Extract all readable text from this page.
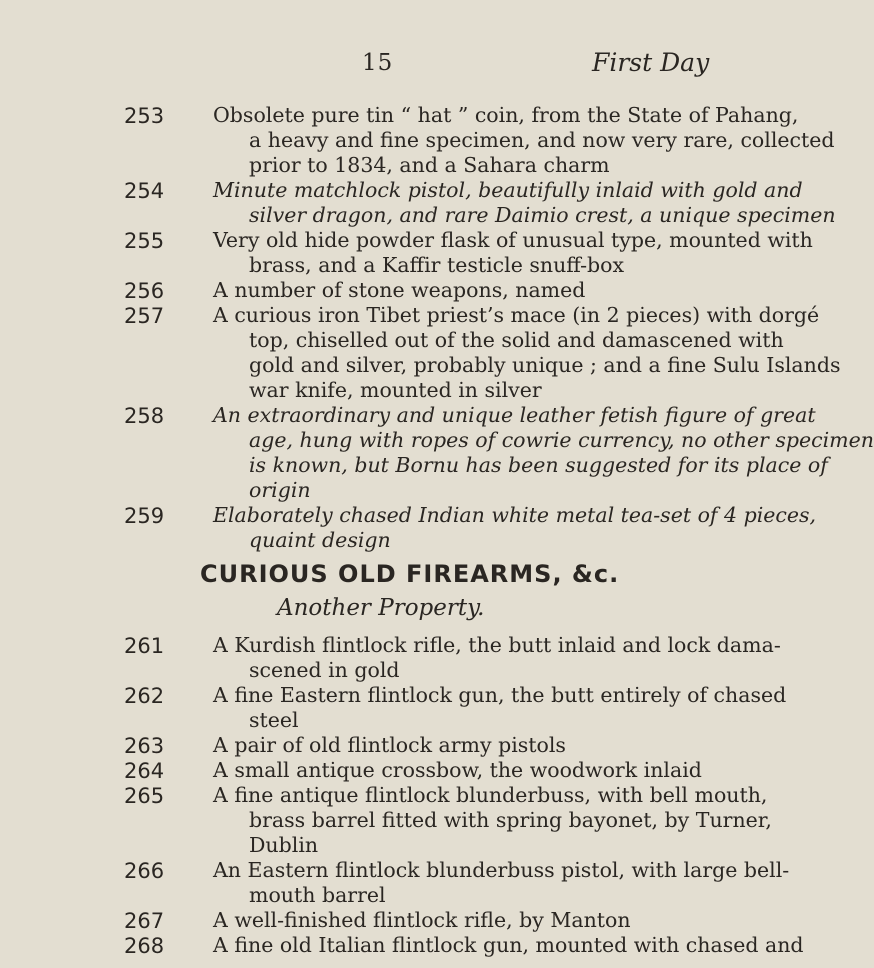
15	First Day
253	Obsolete pure tin “ hat ” coin, from the State of Pahang,
a heavy and fine specimen, and now very rare, collected
prior to 1834, and a Sahara charm
254	Minute matchlock pistol, beautifully inlaid with gold and
silver dragon, and rare Daimio crest, a unique specimen
255	Very old hide powder flask of unusual type, mounted with
brass, and a Kaffir testicle snuff-box
256	A number of stone weapons, named
257	A curious iron Tibet priest’s mace (in 2 pieces) with dorgé
top, chiselled out of the solid and damascened with
gold and silver, probably unique ; and a fine Sulu Islands
war knife, mounted in silver
258	An extraordinary and unique leather fetish figure of great
age, hung with ropes of cowrie currency, no other specimen
is known, but Bornu has been suggested for its place of
origin
259	Elaborately chased Indian white metal tea-set of 4 pieces,
quaint design
CURIOUS OLD FIREARMS, &c.
Another Property.
261	A Kurdish flintlock rifle, the butt inlaid and lock dama-
scened in gold
262	A fine Eastern flintlock gun, the butt entirely of chased
steel
263	A pair of old flintlock army pistols
264	A small antique crossbow, the woodwork inlaid
265	A fine antique flintlock blunderbuss, with bell mouth,
brass barrel fitted with spring bayonet, by Turner,
Dublin
266	An Eastern flintlock blunderbuss pistol, with large bell-
mouth barrel
267	A well-finished flintlock rifle, by Manton
268	A fine old Italian flintlock gun, mounted with chased and
